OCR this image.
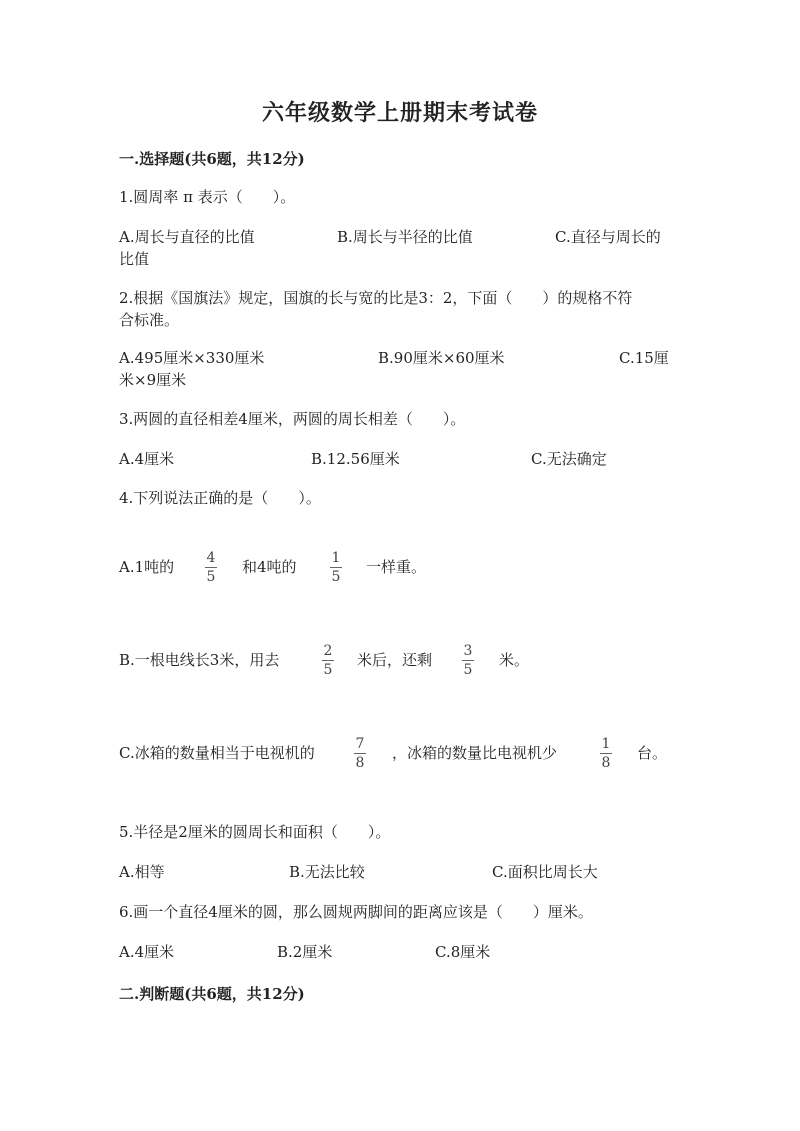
六年级数学上册期末考试卷
一.选择题(共6题，共12分)
1.圆周率 π 表示（　　）。
A.周长与直径的比值	B.周长与半径的比值	C.直径与周长的
比值
2.根据《国旗法》规定，国旗的长与宽的比是3：2，下面（　　）的规格不符
合标准。
A.495厘米×330厘米	B.90厘米×60厘米	C.15厘
米×9厘米
3.两圆的直径相差4厘米，两圆的周长相差（　　）。
A.4厘米	B.12.56厘米	C.无法确定
4.下列说法正确的是（　　）。
A.1吨的 4
5
和4吨的 1
5
一样重。
B.一根电线长3米，用去	2
5
米后，还剩 3
5
米。
C.冰箱的数量相当于电视机的	7
8
，冰箱的数量比电视机少	1
8
台。
5.半径是2厘米的圆周长和面积（　　）。
A.相等	B.无法比较	C.面积比周长大
6.画一个直径4厘米的圆，那么圆规两脚间的距离应该是（　　）厘米。
A.4厘米	B.2厘米	C.8厘米
二.判断题(共6题，共12分)
